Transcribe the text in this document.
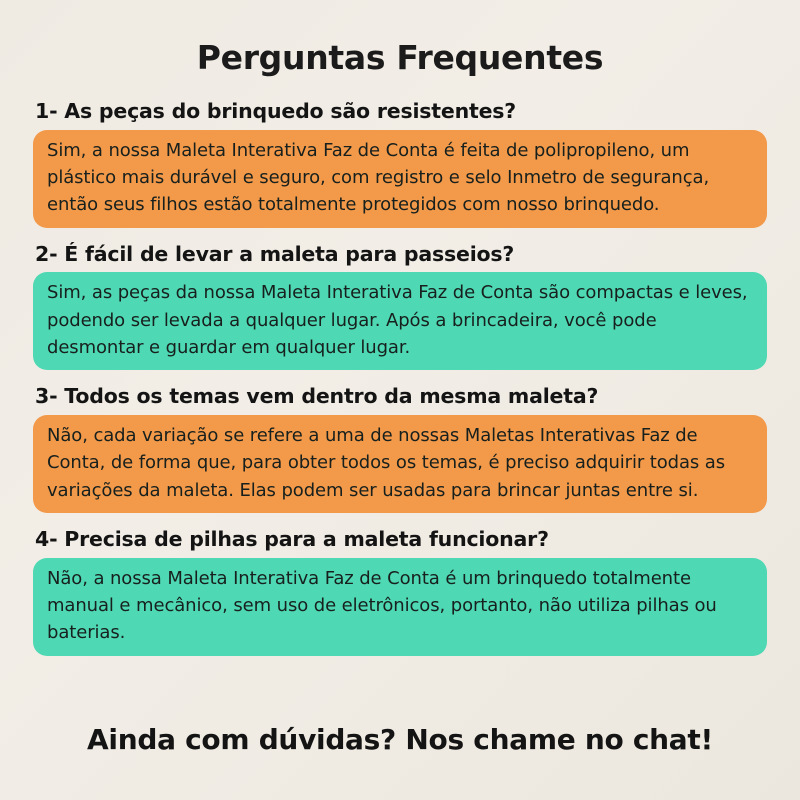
Perguntas Frequentes
1- As peças do brinquedo são resistentes?
Sim, a nossa Maleta Interativa Faz de Conta é feita de polipropileno, um plástico mais durável e seguro, com registro e selo Inmetro de segurança, então seus filhos estão totalmente protegidos com nosso brinquedo.
2- É fácil de levar a maleta para passeios?
Sim, as peças da nossa Maleta Interativa Faz de Conta são compactas e leves, podendo ser levada a qualquer lugar. Após a brincadeira, você pode desmontar e guardar em qualquer lugar.
3- Todos os temas vem dentro da mesma maleta?
Não, cada variação se refere a uma de nossas Maletas Interativas Faz de Conta, de forma que, para obter todos os temas, é preciso adquirir todas as variações da maleta. Elas podem ser usadas para brincar juntas entre si.
4- Precisa de pilhas para a maleta funcionar?
Não, a nossa Maleta Interativa Faz de Conta é um brinquedo totalmente manual e mecânico, sem uso de eletrônicos, portanto, não utiliza pilhas ou baterias.
Ainda com dúvidas? Nos chame no chat!
